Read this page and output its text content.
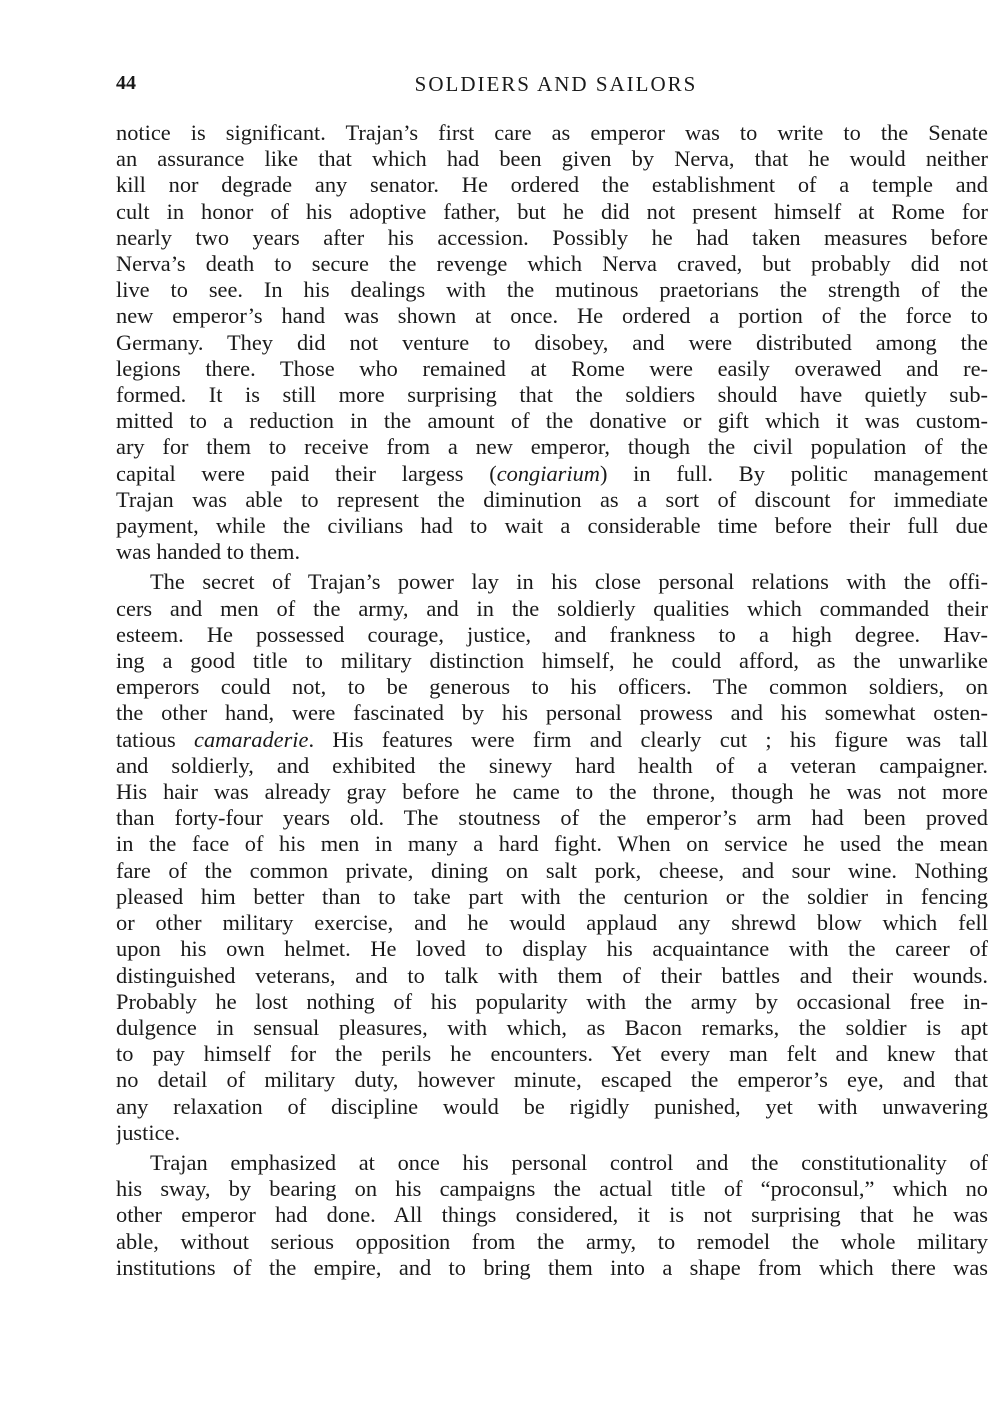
44	SOLDIERS AND SAILORS
notice is significant. Trajan’s first care as emperor was to write to the Senate
an assurance like that which had been given by Nerva, that he would neither
kill nor degrade any senator. He ordered the establishment of a temple and
cult in honor of his adoptive father, but he did not present himself at Rome for
nearly two years after his accession. Possibly he had taken measures before
Nerva’s death to secure the revenge which Nerva craved, but probably did not
live to see. In his dealings with the mutinous praetorians the strength of the
new emperor’s hand was shown at once. He ordered a portion of the force to
Germany. They did not venture to disobey, and were distributed among the
legions there. Those who remained at Rome were easily overawed and re-
formed. It is still more surprising that the soldiers should have quietly sub-
mitted to a reduction in the amount of the donative or gift which it was custom-
ary for them to receive from a new emperor, though the civil population of the
capital were paid their largess (congiarium) in full. By politic management
Trajan was able to represent the diminution as a sort of discount for immediate
payment, while the civilians had to wait a considerable time before their full due
was handed to them.
The secret of Trajan’s power lay in his close personal relations with the offi-
cers and men of the army, and in the soldierly qualities which commanded their
esteem. He possessed courage, justice, and frankness to a high degree. Hav-
ing a good title to military distinction himself, he could afford, as the unwarlike
emperors could not, to be generous to his officers. The common soldiers, on
the other hand, were fascinated by his personal prowess and his somewhat osten-
tatious camaraderie. His features were firm and clearly cut ; his figure was tall
and soldierly, and exhibited the sinewy hard health of a veteran campaigner.
His hair was already gray before he came to the throne, though he was not more
than forty-four years old. The stoutness of the emperor’s arm had been proved
in the face of his men in many a hard fight. When on service he used the mean
fare of the common private, dining on salt pork, cheese, and sour wine. Nothing
pleased him better than to take part with the centurion or the soldier in fencing
or other military exercise, and he would applaud any shrewd blow which fell
upon his own helmet. He loved to display his acquaintance with the career of
distinguished veterans, and to talk with them of their battles and their wounds.
Probably he lost nothing of his popularity with the army by occasional free in-
dulgence in sensual pleasures, with which, as Bacon remarks, the soldier is apt
to pay himself for the perils he encounters. Yet every man felt and knew that
no detail of military duty, however minute, escaped the emperor’s eye, and that
any relaxation of discipline would be rigidly punished, yet with unwavering
justice.
Trajan emphasized at once his personal control and the constitutionality of
his sway, by bearing on his campaigns the actual title of “proconsul,” which no
other emperor had done. All things considered, it is not surprising that he was
able, without serious opposition from the army, to remodel the whole military
institutions of the empire, and to bring them into a shape from which there was
